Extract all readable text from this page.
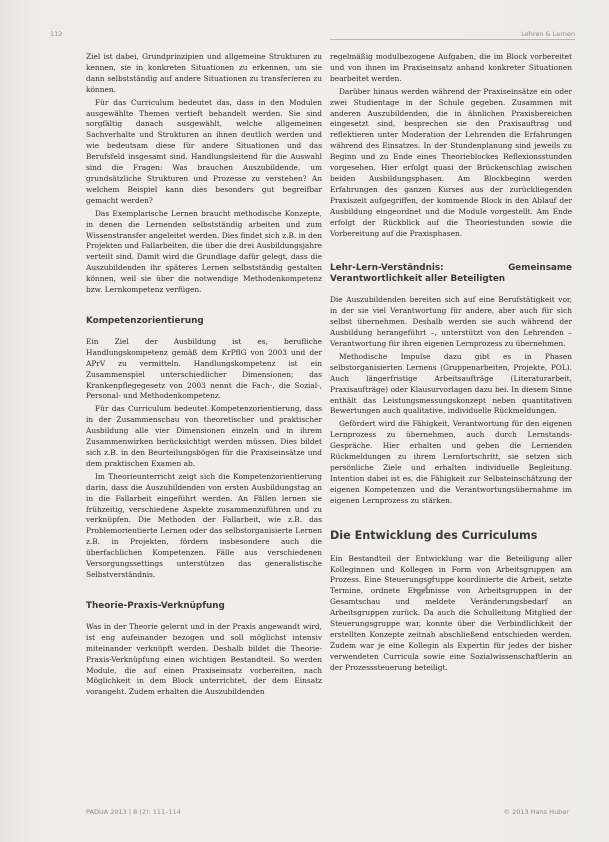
112	Lehren & Lernen

Ziel ist dabei, Grundprinzipien und allgemeine Strukturen zu kennen, sie in konkreten Situationen zu erkennen, um sie dann selbstständig auf andere Situationen zu transferieren zu können.

Für das Curriculum bedeutet das, dass in den Modulen ausgewählte Themen vertieft behandelt werden. Sie sind sorgfältig danach ausgewählt, welche allgemeinen Sachverhalte und Strukturen an ihnen deutlich werden und wie bedeutsam diese für andere Situationen und das Berufsfeld insgesamt sind. Handlungsleitend für die Auswahl sind die Fragen: Was brauchen Auszubildende, um grundsätzliche Strukturen und Prozesse zu verstehen? An welchem Beispiel kann dies besonders gut begreifbar gemacht werden?

Das Exemplarische Lernen braucht methodische Konzepte, in denen die Lernenden selbstständig arbeiten und zum Wissenstransfer angeleitet werden. Dies findet sich z.B. in den Projekten und Fallarbeiten, die über die drei Ausbildungsjahre verteilt sind. Damit wird die Grundlage dafür gelegt, dass die Auszubildenden ihr späteres Lernen selbstständig gestalten können, weil sie über die notwendige Methodenkompetenz bzw. Lernkompetenz verfügen.

Kompetenzorientierung

Ein Ziel der Ausbildung ist es, berufliche Handlungskompetenz gemäß dem KrPflG von 2003 und der APrV zu vermitteln. Handlungskompetenz ist ein Zusammenspiel unterschiedlicher Dimensionen; das Krankenpflegegesetz von 2003 nennt die Fach-, die Sozial-, Personal- und Methodenkompetenz.

Für das Curriculum bedeutet Kompetenzorientierung, dass in der Zusammenschau von theoretischer und praktischer Ausbildung alle vier Dimensionen einzeln und in ihrem Zusammenwirken berücksichtigt werden müssen. Dies bildet sich z.B. in den Beurteilungsbögen für die Praxiseinsätze und dem praktischen Examen ab.

Im Theorieunterricht zeigt sich die Kompetenzorientierung darin, dass die Auszubildenden von ersten Ausbildungstag an in die Fallarbeit eingeführt werden. An Fällen lernen sie frühzeitig, verschiedene Aspekte zusammenzuführen und zu verknüpfen. Die Methoden der Fallarbeit, wie z.B. das Problemorientierte Lernen oder das selbstorganisierte Lernen z.B. in Projekten, fördern insbesondere auch die überfachlichen Kompetenzen. Fälle aus verschiedenen Versorgungssettings unterstützen das generalistische Selbstverständnis.

Theorie-Praxis-Verknüpfung

Was in der Theorie gelernt und in der Praxis angewandt wird, ist eng aufeinander bezogen und soll möglichst intensiv miteinander verknüpft werden. Deshalb bildet die Theorie-Praxis-Verknüpfung einen wichtigen Bestandteil. So werden Module, die auf einen Praxiseinsatz vorbereiten, nach Möglichkeit in dem Block unterrichtet, der dem Einsatz vorangeht. Zudem erhalten die Auszubildenden

regelmäßig modulbezogene Aufgaben, die im Block vorbereitet und von ihnen im Praxiseinsatz anhand konkreter Situationen bearbeitet werden.

Darüber hinaus werden während der Praxiseinsätze ein oder zwei Studientage in der Schule gegeben. Zusammen mit anderen Auszubildenden, die in ähnlichen Praxisbereichen eingesetzt sind, besprechen sie den Praxisauftrag und reflektieren unter Moderation der Lehrenden die Erfahrungen während des Einsatzes. In der Stundenplanung sind jeweils zu Beginn und zu Ende eines Theorieblockes Reflexionsstunden vorgesehen. Hier erfolgt quasi der Brückenschlag zwischen beiden Ausbildungsphasen. Am Blockbeginn werden Erfahrungen des ganzen Kurses aus der zurückliegenden Praxiszeit aufgegriffen, der kommende Block in den Ablauf der Ausbildung eingeordnet und die Module vorgestellt. Am Ende erfolgt der Rückblick auf die Theoriestunden sowie die Vorbereitung auf die Praxisphasen.

Lehr-Lern-Verständnis: Gemeinsame Verantwortlichkeit aller Beteiligten

Die Auszubildenden bereiten sich auf eine Berufstätigkeit vor, in der sie viel Verantwortung für andere, aber auch für sich selbst übernehmen. Deshalb werden sie auch während der Ausbildung herangeführt –, unterstützt von den Lehrenden – Verantwortung für ihren eigenen Lernprozess zu übernehmen.

Methodische Impulse dazu gibt es in Phasen selbstorganisierten Lernens (Gruppenarbeiten, Projekte, POL). Auch längerfristige Arbeitsaufträge (Literaturarbeit, Praxisaufträge) oder Klausurvorlagen dazu bei. In diesem Sinne enthält das Leistungsmessungskonzept neben quantitativen Bewertungen auch qualitative, individuelle Rückmeldungen.

Gefördert wird die Fähigkeit, Verantwortung für den eigenen Lernprozess zu übernehmen, auch durch Lernstands-Gespräche. Hier erhalten und geben die Lernenden Rückmeldungen zu ihrem Lernfortschritt, sie setzen sich persönliche Ziele und erhalten individuelle Begleitung. Intention dabei ist es, die Fähigkeit zur Selbsteinschätzung der eigenen Kompetenzen und die Verantwortungsübernahme im eigenen Lernprozess zu stärken.

Die Entwicklung des Curriculums

Ein Bestandteil der Entwicklung war die Beteiligung aller Kolleginnen und Kollegen in Form von Arbeitsgruppen am Prozess. Eine Steuerungsgruppe koordinierte die Arbeit, setzte Termine, ordnete Ergebnisse von Arbeitsgruppen in der Gesamtschau und meldete Veränderungsbedarf an Arbeitsgruppen zurück. Da auch die Schulleitung Mitglied der Steuerungsgruppe war, konnte über die Verbindlichkeit der erstellten Konzepte zeitnah abschließend entschieden werden. Zudem war je eine Kollegin als Expertin für jedes der bisher verwendeten Curricula sowie eine Sozialwissenschaftlerin an der Prozesssteuerung beteiligt.

PADUA 2013 | 8 (2): 111–114	© 2013 Hans Huber
